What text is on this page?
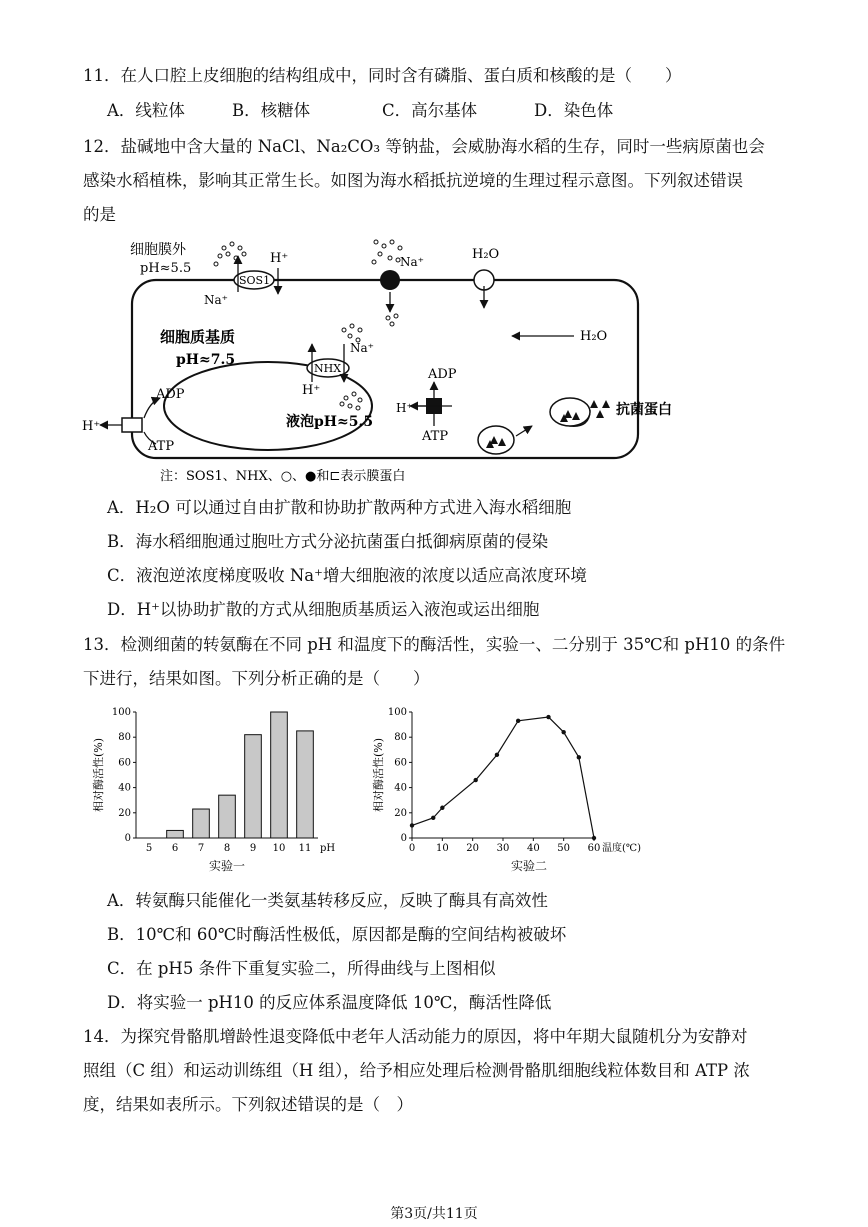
11．在人口腔上皮细胞的结构组成中，同时含有磷脂、蛋白质和核酸的是（　　）
A．线粒体	B．核糖体	C．高尔基体	D．染色体
12．盐碱地中含大量的 NaCl、Na₂CO₃ 等钠盐，会威胁海水稻的生存，同时一些病原菌也会
感染水稻植株，影响其正常生长。如图为海水稻抵抗逆境的生理过程示意图。下列叙述错误
的是
细胞膜外
pH≈5.5
细胞质基质
pH≈7.5
液泡pH≈5.5
SOS1
H⁺
Na⁺
Na⁺	H₂O
H₂O
NHX
H⁺
Na⁺
H⁺
ADP
ATP
H⁺
ADP
ATP
抗菌蛋白
注：SOS1、NHX、○、●和⊏表示膜蛋白
A．H₂O 可以通过自由扩散和协助扩散两种方式进入海水稻细胞
B．海水稻细胞通过胞吐方式分泌抗菌蛋白抵御病原菌的侵染
C．液泡逆浓度梯度吸收 Na⁺增大细胞液的浓度以适应高浓度环境
D．H⁺以协助扩散的方式从细胞质基质运入液泡或运出细胞
13．检测细菌的转氨酶在不同 pH 和温度下的酶活性，实验一、二分别于 35℃和 pH10 的条件
下进行，结果如图。下列分析正确的是（　　）
0
20
40
60
80
100
5 6 7 8 9 10 11 pH
相对酶活性(%)
实验一
0
20
40
60
80
100
0 10 20 30 40 50 60 温度(℃)
相对酶活性(%)
实验二
A．转氨酶只能催化一类氨基转移反应，反映了酶具有高效性
B．10℃和 60℃时酶活性极低，原因都是酶的空间结构被破坏
C．在 pH5 条件下重复实验二，所得曲线与上图相似
D．将实验一 pH10 的反应体系温度降低 10℃，酶活性降低
14．为探究骨骼肌增龄性退变降低中老年人活动能力的原因，将中年期大鼠随机分为安静对
照组（C 组）和运动训练组（H 组），给予相应处理后检测骨骼肌细胞线粒体数目和 ATP 浓
度，结果如表所示。下列叙述错误的是（　）
第3页/共11页
